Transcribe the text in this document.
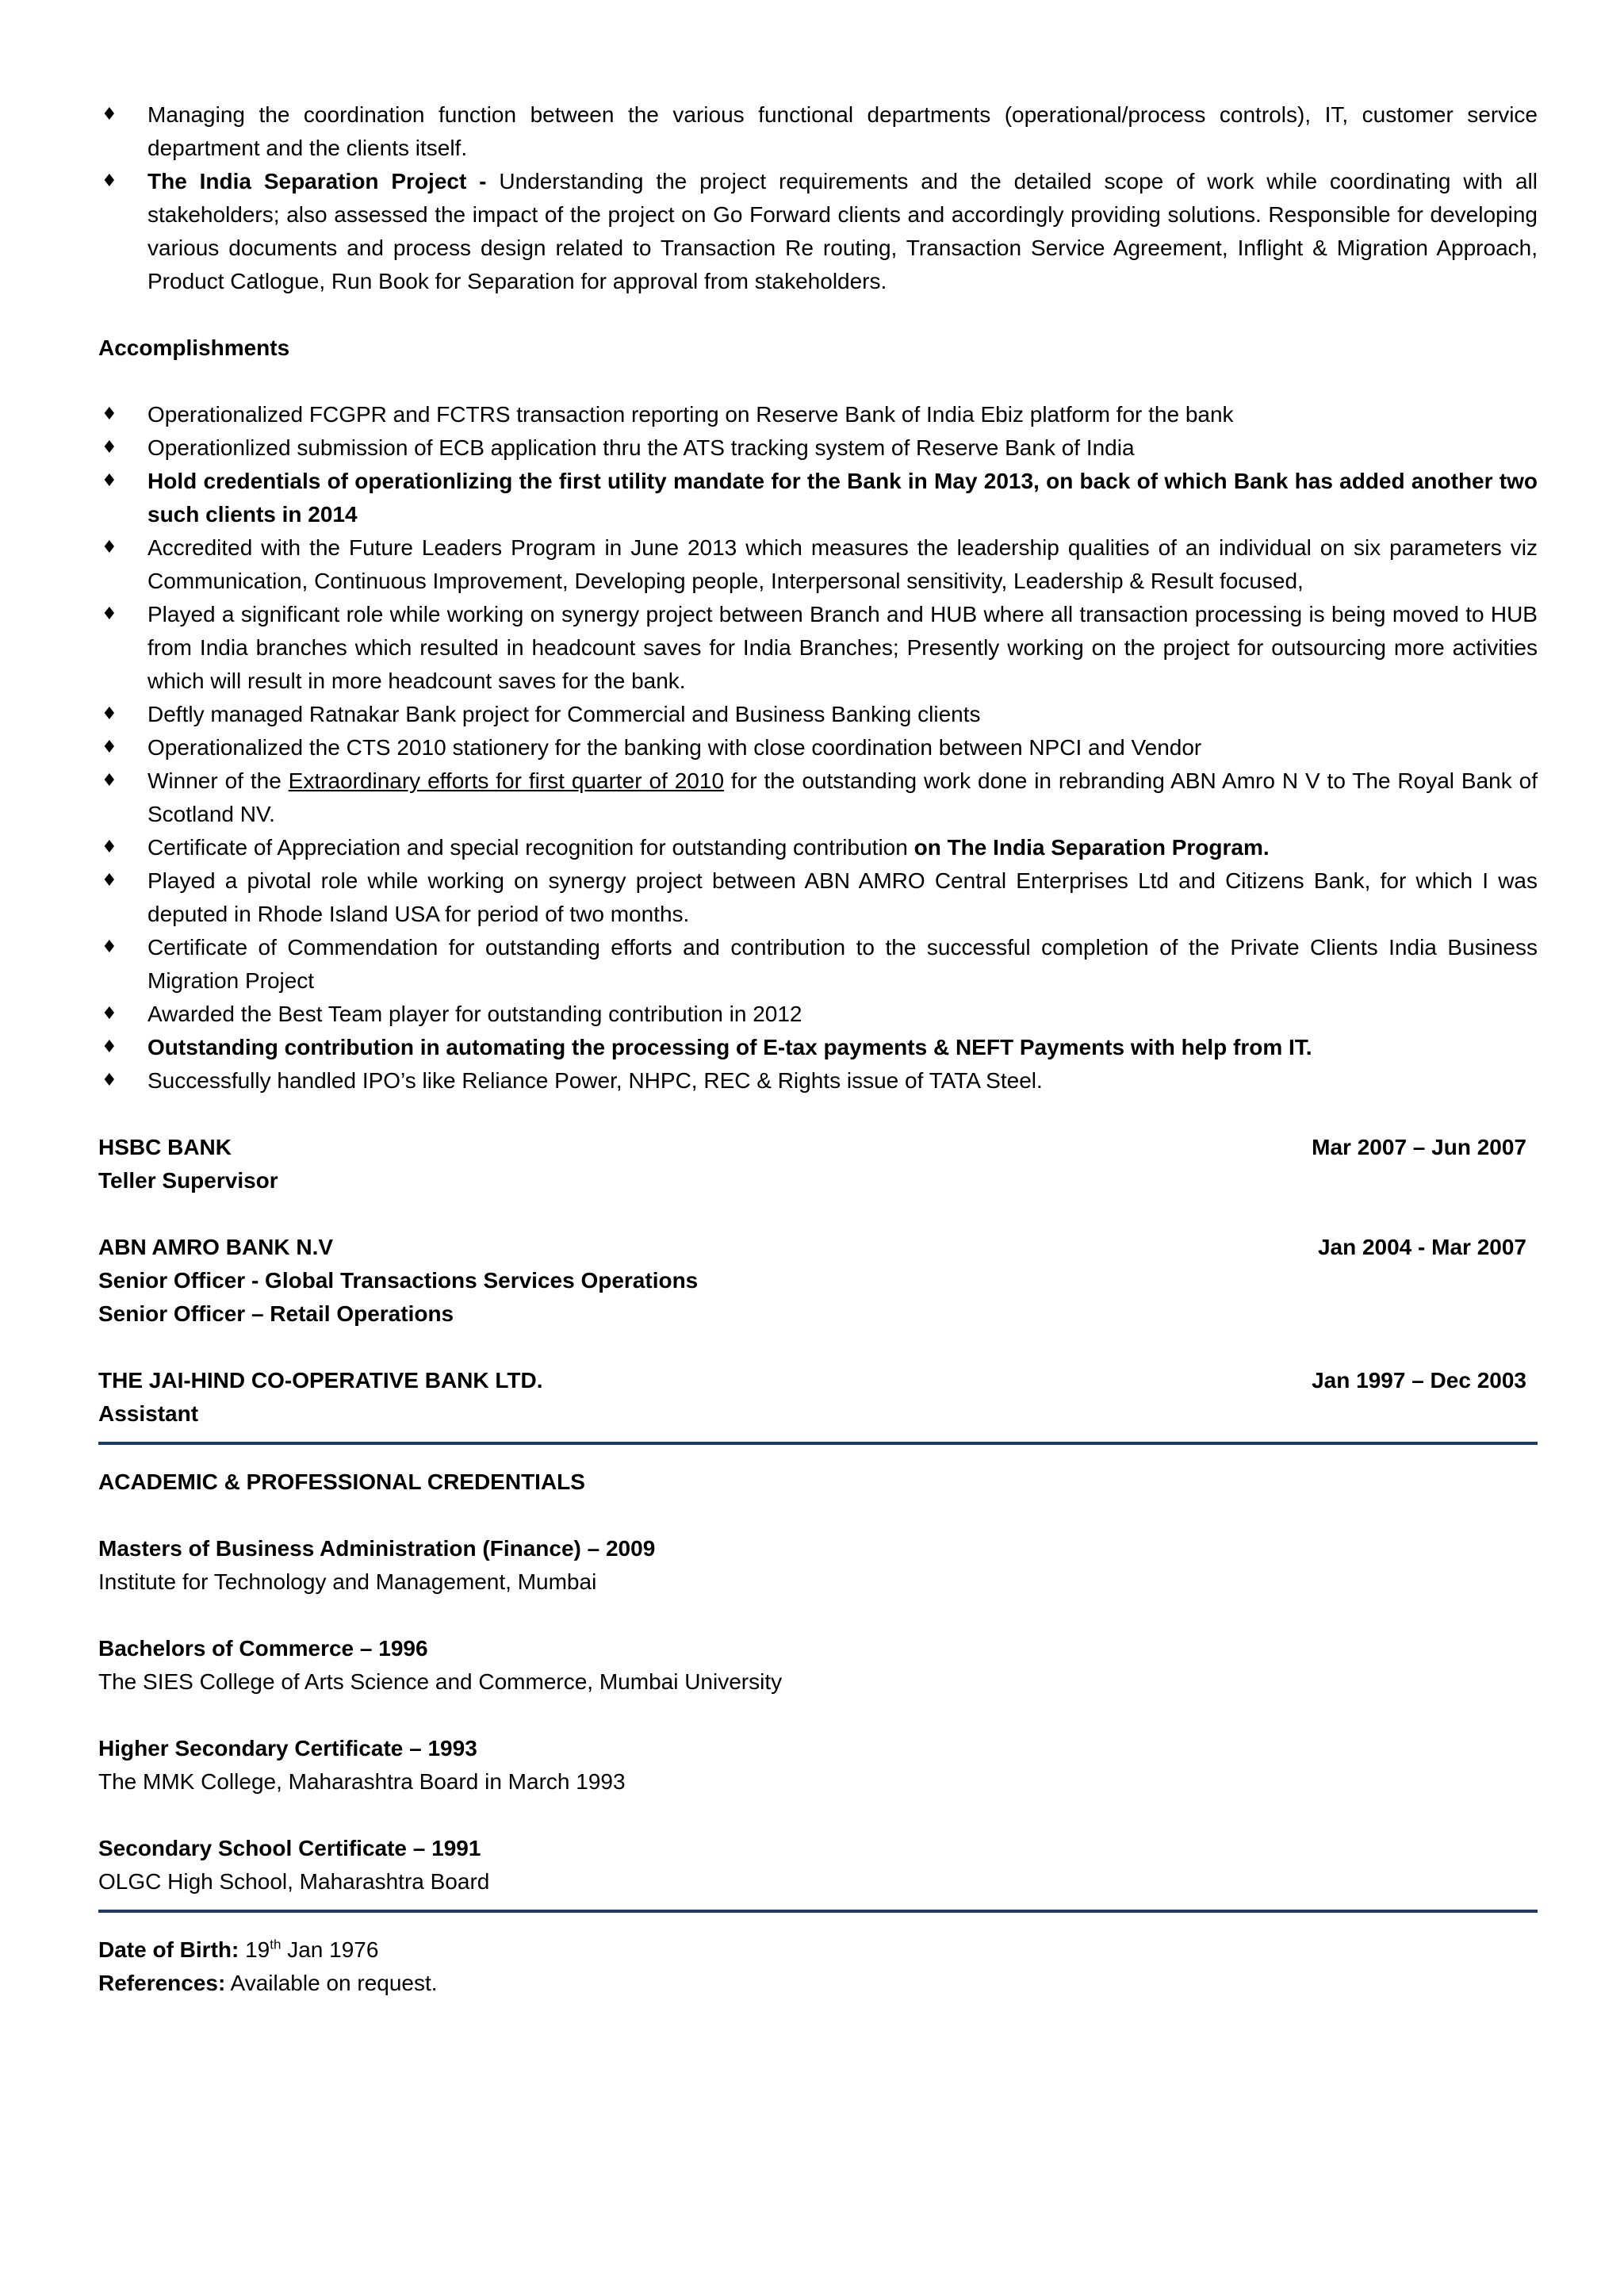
♦	Managing the coordination function between the various functional departments (operational/process controls), IT, customer service department and the clients itself.
♦	The India Separation Project - Understanding the project requirements and the detailed scope of work while coordinating with all stakeholders; also assessed the impact of the project on Go Forward clients and accordingly providing solutions. Responsible for developing various documents and process design related to Transaction Re routing, Transaction Service Agreement, Inflight & Migration Approach, Product Catlogue, Run Book for Separation for approval from stakeholders.
Accomplishments
♦	Operationalized FCGPR and FCTRS transaction reporting on Reserve Bank of India Ebiz platform for the bank
♦	Operationlized submission of ECB application thru the ATS tracking system of Reserve Bank of India
♦	Hold credentials of operationlizing the first utility mandate for the Bank in May 2013, on back of which Bank has added another two such clients in 2014
♦	Accredited with the Future Leaders Program in June 2013 which measures the leadership qualities of an individual on six parameters viz Communication, Continuous Improvement, Developing people, Interpersonal sensitivity, Leadership & Result focused,
♦	Played a significant role while working on synergy project between Branch and HUB where all transaction processing is being moved to HUB from India branches which resulted in headcount saves for India Branches; Presently working on the project for outsourcing more activities which will result in more headcount saves for the bank.
♦	Deftly managed Ratnakar Bank project for Commercial and Business Banking clients
♦	Operationalized the CTS 2010 stationery for the banking with close coordination between NPCI and Vendor
♦	Winner of the Extraordinary efforts for first quarter of 2010 for the outstanding work done in rebranding ABN Amro N V to The Royal Bank of Scotland NV.
♦	Certificate of Appreciation and special recognition for outstanding contribution on The India Separation Program.
♦	Played a pivotal role while working on synergy project between ABN AMRO Central Enterprises Ltd and Citizens Bank, for which I was deputed in Rhode Island USA for period of two months.
♦	Certificate of Commendation for outstanding efforts and contribution to the successful completion of the Private Clients India Business Migration Project
♦	Awarded the Best Team player for outstanding contribution in 2012
♦	Outstanding contribution in automating the processing of E-tax payments & NEFT Payments with help from IT.
♦	Successfully handled IPO’s like Reliance Power, NHPC, REC & Rights issue of TATA Steel.
HSBC BANK	Mar 2007 – Jun 2007
Teller Supervisor
ABN AMRO BANK N.V	Jan 2004 - Mar 2007
Senior Officer - Global Transactions Services Operations
Senior Officer – Retail Operations
THE JAI-HIND CO-OPERATIVE BANK LTD.	Jan 1997 – Dec 2003
Assistant
ACADEMIC & PROFESSIONAL CREDENTIALS
Masters of Business Administration (Finance) – 2009
Institute for Technology and Management, Mumbai
Bachelors of Commerce – 1996
The SIES College of Arts Science and Commerce, Mumbai University
Higher Secondary Certificate – 1993
The MMK College, Maharashtra Board in March 1993
Secondary School Certificate – 1991
OLGC High School, Maharashtra Board
Date of Birth: 19th Jan 1976
References: Available on request.
